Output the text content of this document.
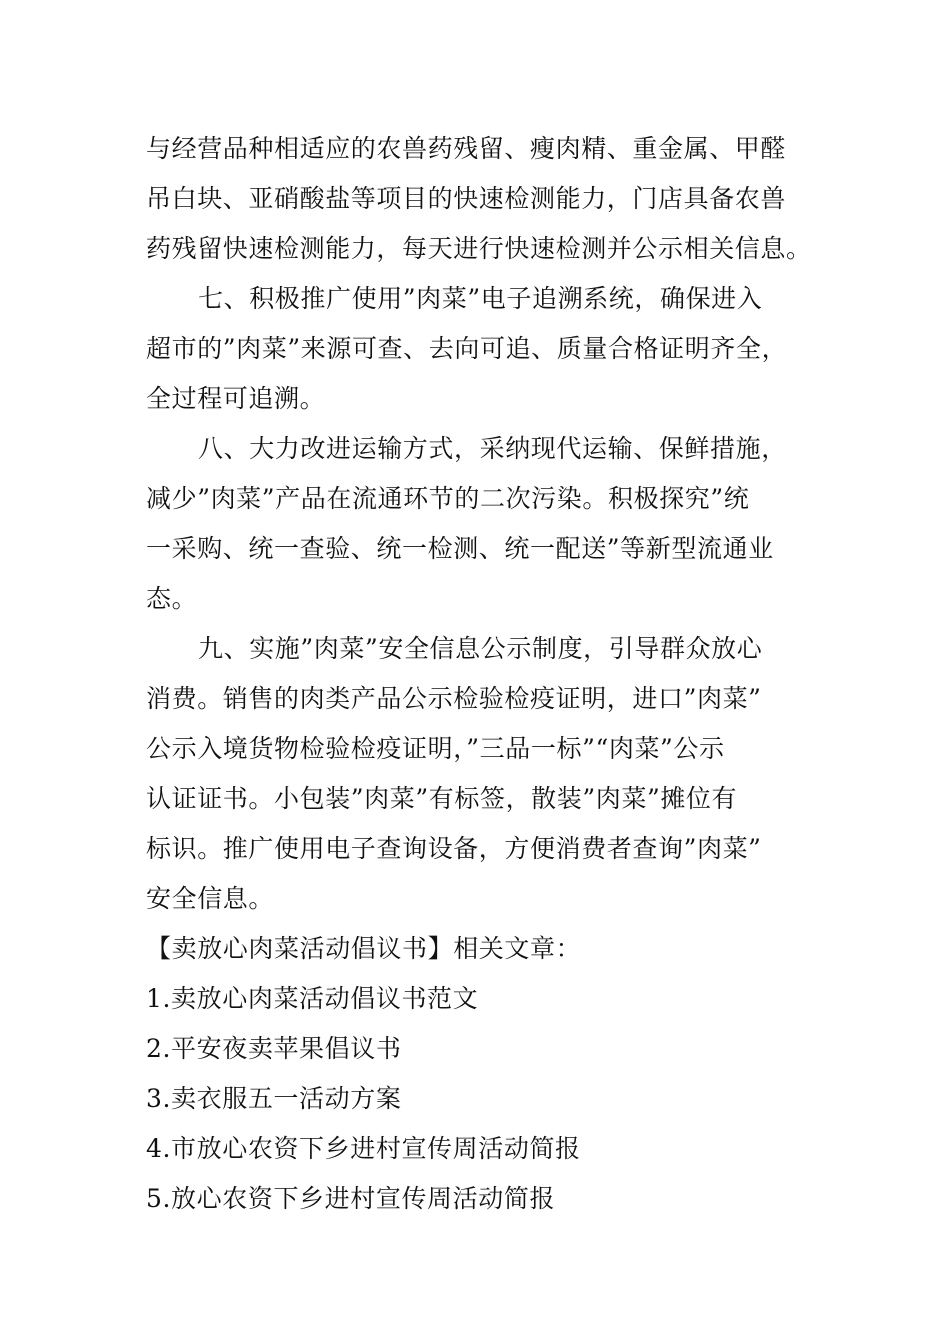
与经营品种相适应的农兽药残留、瘦肉精、重金属、甲醛
吊白块、亚硝酸盐等项目的快速检测能力，门店具备农兽
药残留快速检测能力，每天进行快速检测并公示相关信息。
七、积极推广使用”肉菜”电子追溯系统，确保进入
超市的”肉菜”来源可查、去向可追、质量合格证明齐全，
全过程可追溯。
八、大力改进运输方式，采纳现代运输、保鲜措施，
减少”肉菜”产品在流通环节的二次污染。积极探究”统
一采购、统一查验、统一检测、统一配送”等新型流通业
态。
九、实施”肉菜”安全信息公示制度，引导群众放心
消费。销售的肉类产品公示检验检疫证明，进口”肉菜”
公示入境货物检验检疫证明，”三品一标”“肉菜”公示
认证证书。小包装”肉菜”有标签，散装”肉菜”摊位有
标识。推广使用电子查询设备，方便消费者查询”肉菜”
安全信息。
【卖放心肉菜活动倡议书】相关文章：
1.卖放心肉菜活动倡议书范文
2.平安夜卖苹果倡议书
3.卖衣服五一活动方案
4.市放心农资下乡进村宣传周活动简报
5.放心农资下乡进村宣传周活动简报
